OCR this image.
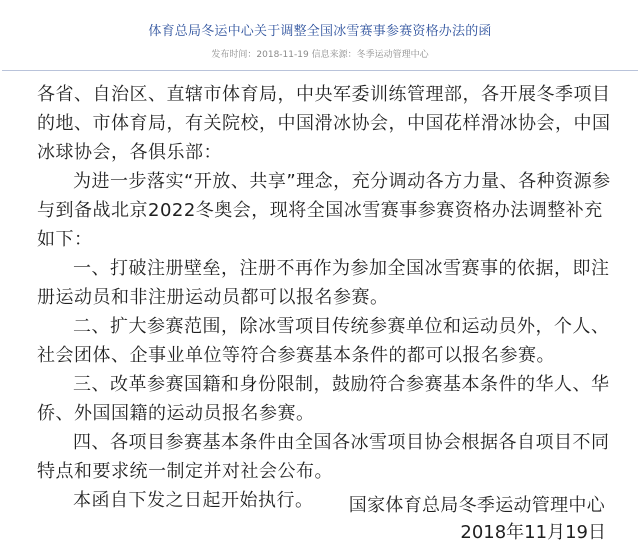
体育总局冬运中心关于调整全国冰雪赛事参赛资格办法的函
发布时间：2018-11-19 信息来源：冬季运动管理中心

各省、自治区、直辖市体育局，中央军委训练管理部，各开展冬季项目的地、市体育局，有关院校，中国滑冰协会，中国花样滑冰协会，中国冰球协会，各俱乐部：

为进一步落实“开放、共享”理念，充分调动各方力量、各种资源参与到备战北京2022冬奥会，现将全国冰雪赛事参赛资格办法调整补充如下：

一、打破注册壁垒，注册不再作为参加全国冰雪赛事的依据，即注册运动员和非注册运动员都可以报名参赛。

二、扩大参赛范围，除冰雪项目传统参赛单位和运动员外，个人、社会团体、企事业单位等符合参赛基本条件的都可以报名参赛。

三、改革参赛国籍和身份限制，鼓励符合参赛基本条件的华人、华侨、外国国籍的运动员报名参赛。

四、各项目参赛基本条件由全国各冰雪项目协会根据各自项目不同特点和要求统一制定并对社会公布。

本函自下发之日起开始执行。	国家体育总局冬季运动管理中心
2018年11月19日
